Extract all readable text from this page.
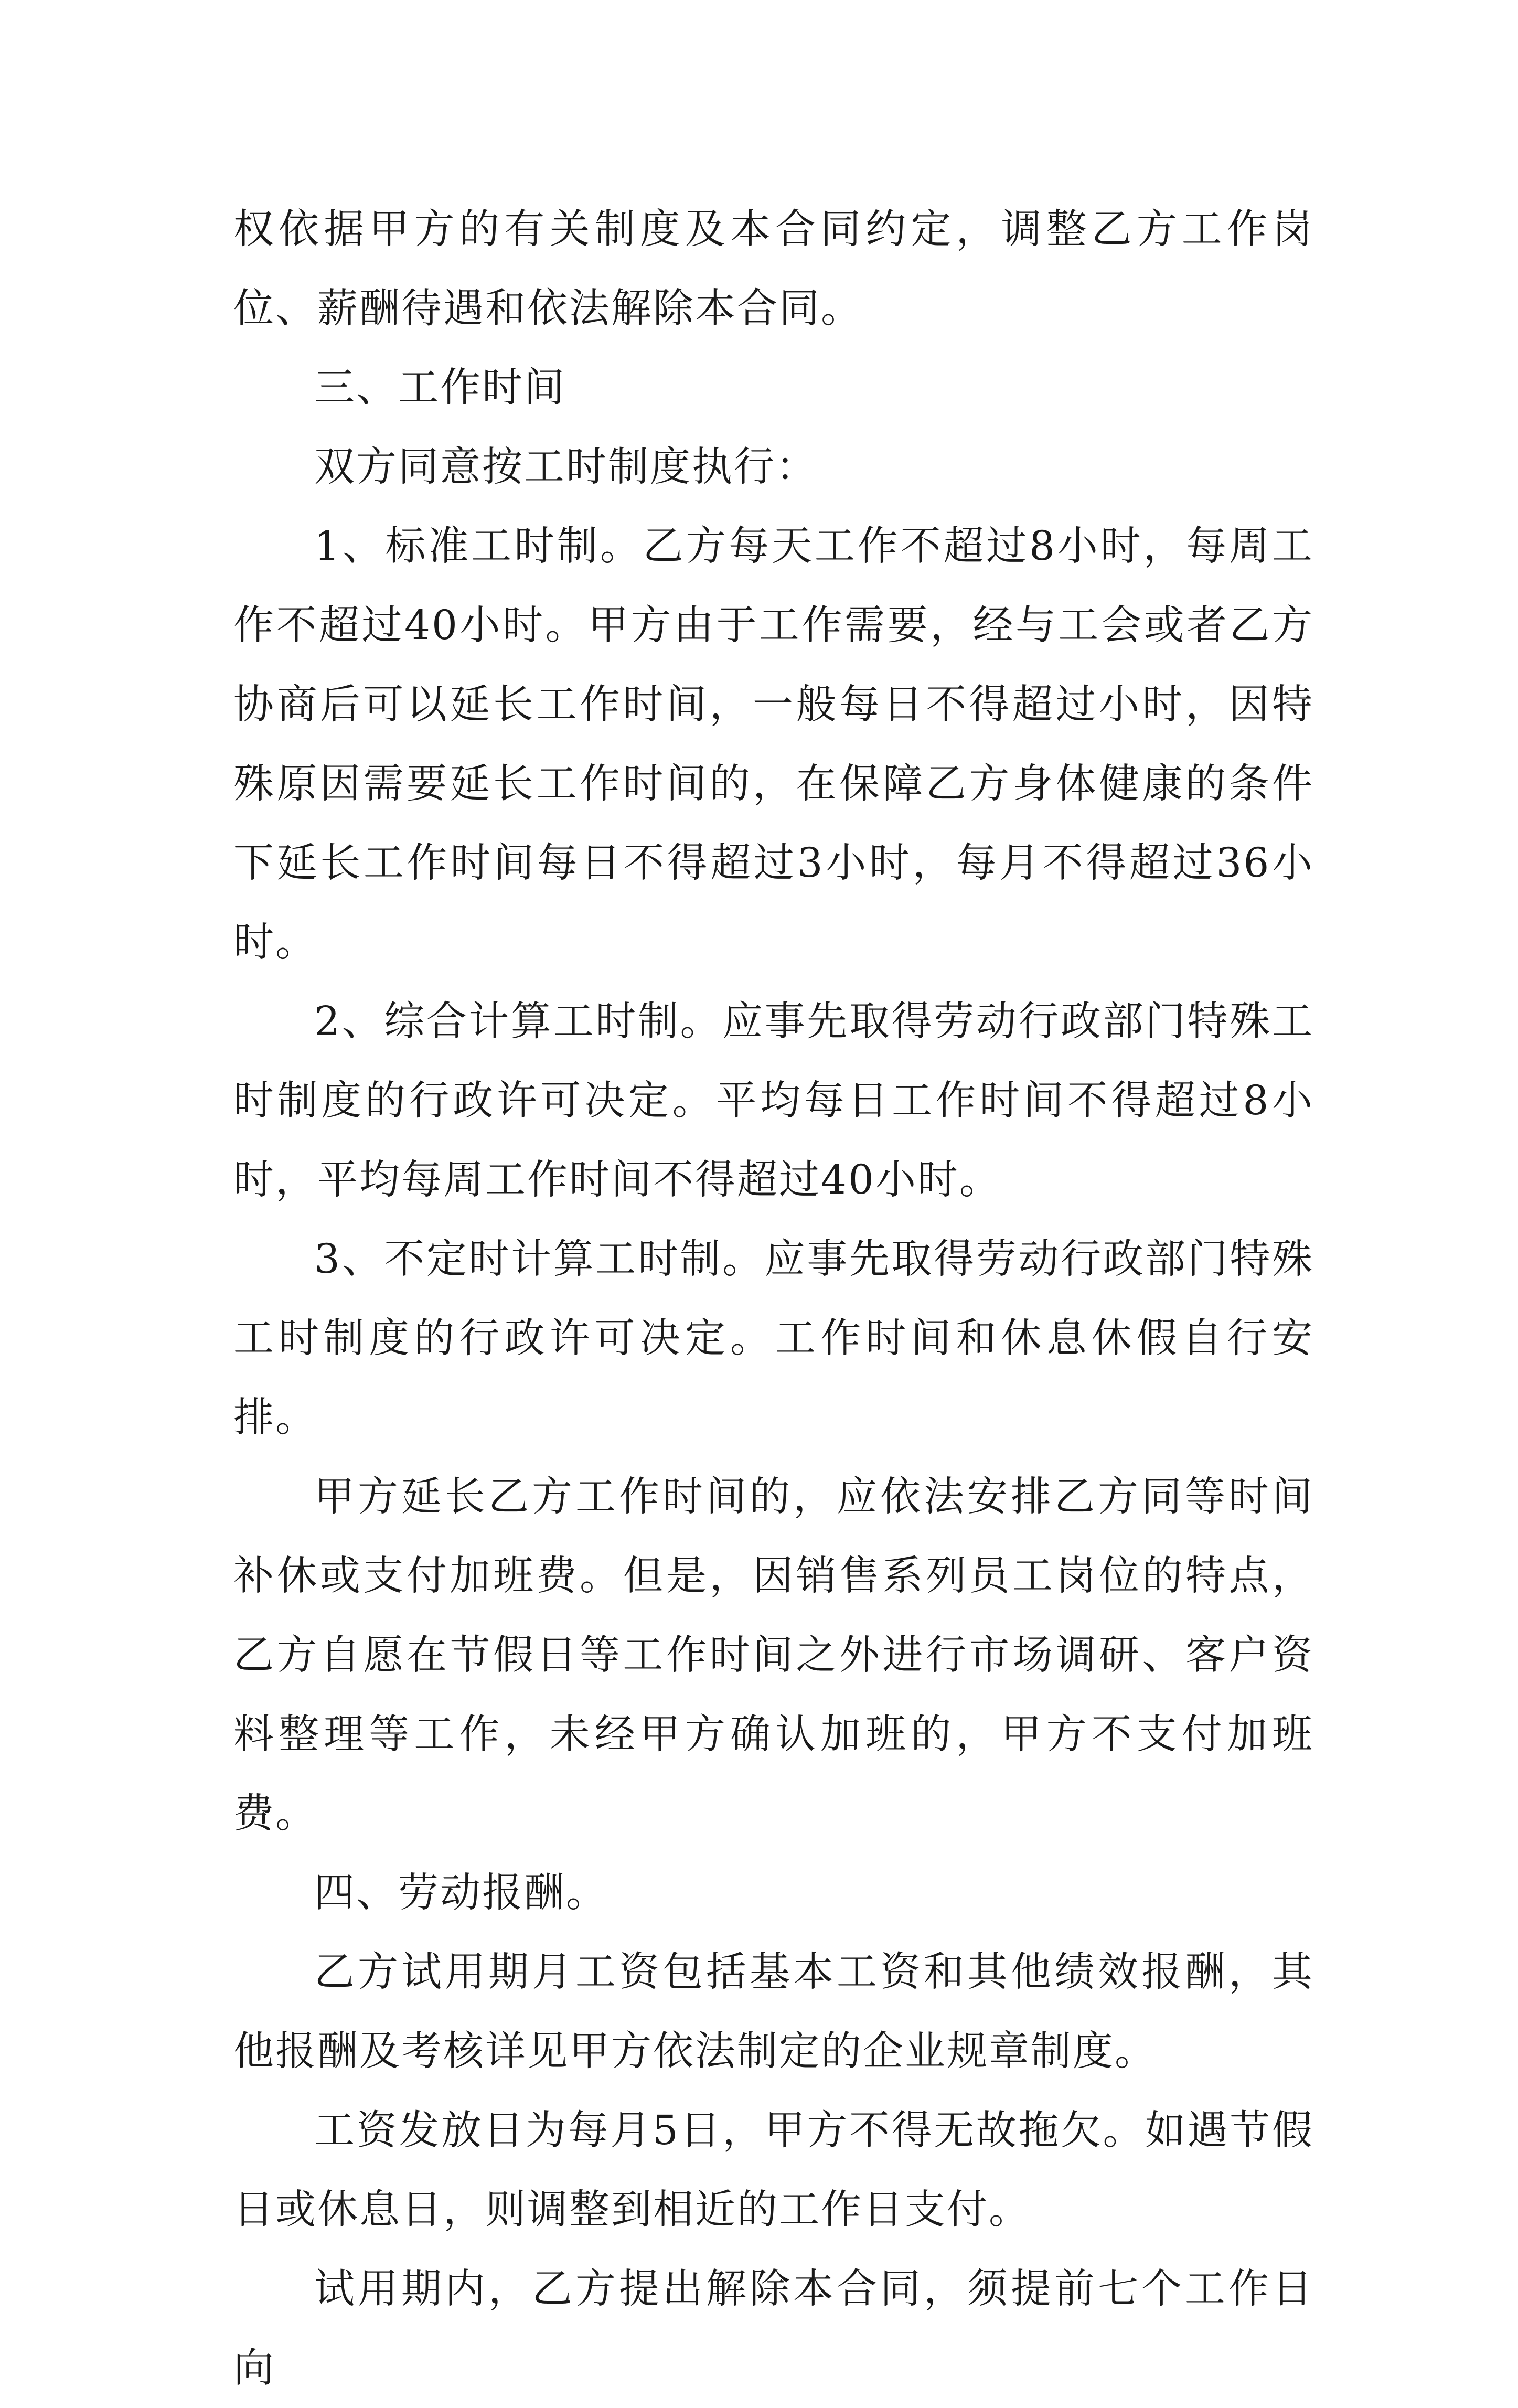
权依据甲方的有关制度及本合同约定，调整乙方工作岗位、薪酬待遇和依法解除本合同。

三、工作时间

双方同意按工时制度执行：

1、标准工时制。乙方每天工作不超过8小时，每周工作不超过40小时。甲方由于工作需要，经与工会或者乙方协商后可以延长工作时间，一般每日不得超过小时，因特殊原因需要延长工作时间的，在保障乙方身体健康的条件下延长工作时间每日不得超过3小时，每月不得超过36小时。

2、综合计算工时制。应事先取得劳动行政部门特殊工时制度的行政许可决定。平均每日工作时间不得超过8小时，平均每周工作时间不得超过40小时。

3、不定时计算工时制。应事先取得劳动行政部门特殊工时制度的行政许可决定。工作时间和休息休假自行安排。

甲方延长乙方工作时间的，应依法安排乙方同等时间补休或支付加班费。但是，因销售系列员工岗位的特点，乙方自愿在节假日等工作时间之外进行市场调研、客户资料整理等工作，未经甲方确认加班的，甲方不支付加班费。

四、劳动报酬。

乙方试用期月工资包括基本工资和其他绩效报酬，其他报酬及考核详见甲方依法制定的企业规章制度。

工资发放日为每月5日，甲方不得无故拖欠。如遇节假日或休息日，则调整到相近的工作日支付。

试用期内，乙方提出解除本合同，须提前七个工作日向
